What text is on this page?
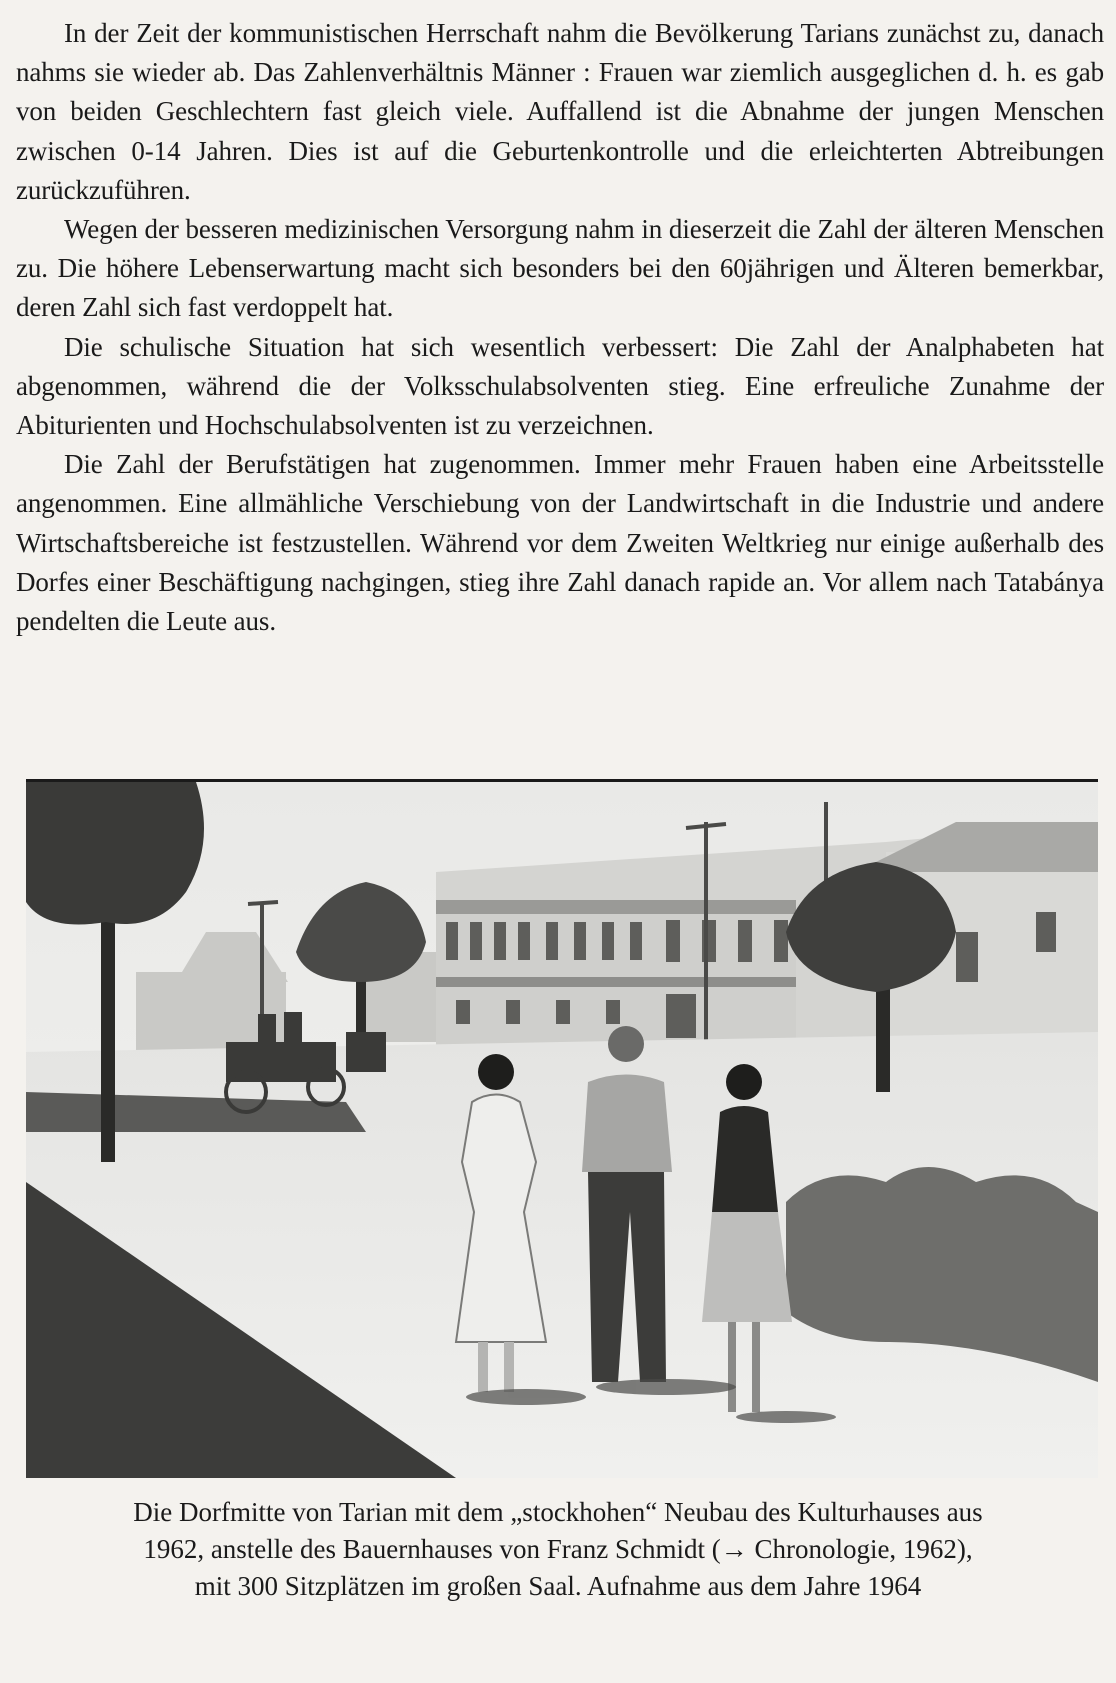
In der Zeit der kommunistischen Herrschaft nahm die Bevölkerung Tarians zunächst zu, danach nahms sie wieder ab. Das Zahlenverhältnis Männer : Frauen war ziemlich ausgeglichen d. h. es gab von beiden Geschlechtern fast gleich viele. Auffallend ist die Abnahme der jungen Menschen zwischen 0-14 Jahren. Dies ist auf die Geburtenkontrolle und die erleichterten Abtreibungen zurückzuführen.

Wegen der besseren medizinischen Versorgung nahm in dieserzeit die Zahl der älteren Menschen zu. Die höhere Lebenserwartung macht sich besonders bei den 60jährigen und Älteren bemerkbar, deren Zahl sich fast verdoppelt hat.

Die schulische Situation hat sich wesentlich verbessert: Die Zahl der Analphabeten hat abgenommen, während die der Volksschulabsolventen stieg. Eine erfreuliche Zunahme der Abiturienten und Hochschulabsolventen ist zu verzeichnen.

Die Zahl der Berufstätigen hat zugenommen. Immer mehr Frauen haben eine Arbeitsstelle angenommen. Eine allmähliche Verschiebung von der Landwirtschaft in die Industrie und andere Wirtschaftsbereiche ist festzustellen. Während vor dem Zweiten Weltkrieg nur einige außerhalb des Dorfes einer Beschäftigung nachgingen, stieg ihre Zahl danach rapide an. Vor allem nach Tatabánya pendelten die Leute aus.

Die Dorfmitte von Tarian mit dem „stockhohen“ Neubau des Kulturhauses aus
1962, anstelle des Bauernhauses von Franz Schmidt (→ Chronologie, 1962),
mit 300 Sitzplätzen im großen Saal. Aufnahme aus dem Jahre 1964
